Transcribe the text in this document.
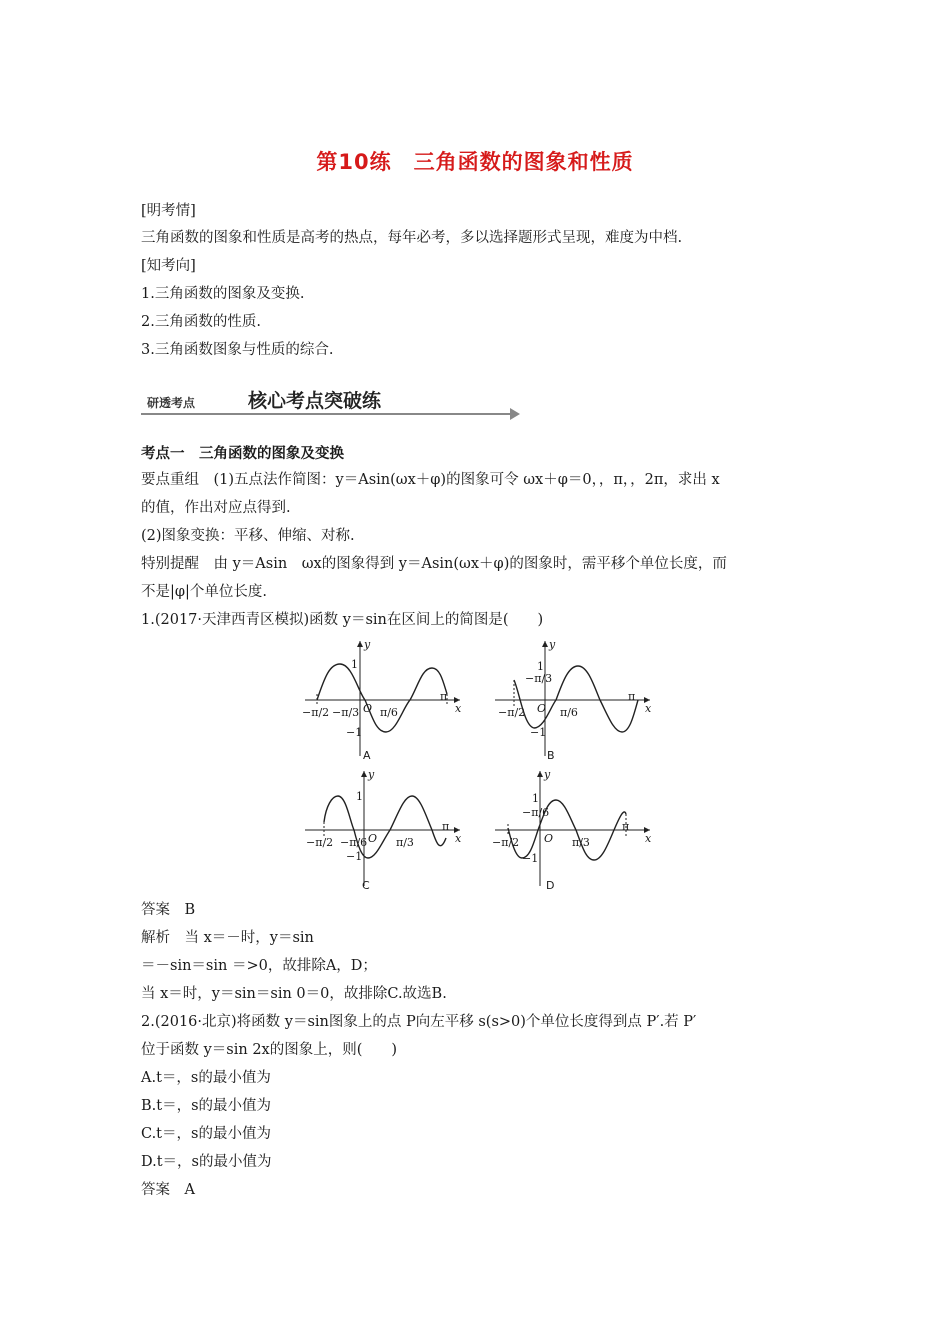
第10练　三角函数的图象和性质
[明考情]
三角函数的图象和性质是高考的热点，每年必考，多以选择题形式呈现，难度为中档.
[知考向]
1.三角函数的图象及变换.
2.三角函数的性质.
3.三角函数图象与性质的综合.
研透考点	核心考点突破练
考点一　三角函数的图象及变换
要点重组　(1)五点法作简图：y＝Asin(ωx＋φ)的图象可令 ωx＋φ＝0，，π，，2π，求出 x
的值，作出对应点得到.
(2)图象变换：平移、伸缩、对称.
特别提醒　由 y＝Asin　ωx的图象得到 y＝Asin(ωx＋φ)的图象时，需平移个单位长度，而
不是|φ|个单位长度.
1.(2017·天津西青区模拟)函数 y＝sin在区间上的简图是(　　)
y
x
O
1
−1
−π/2 −π/3 π/6
π
A
y
x
O
1
−π/3
−1
−π/2	π/6
π
B
y
x
O
1
−1
−π/2 −π/6	π/3
π
C
y
x
O
1
−π/6
−1
−π/2	π/3
π
D
答案　B
解析　当 x＝－时，y＝sin
＝－sin＝sin ＝>0，故排除A，D；
当 x＝时，y＝sin＝sin 0＝0，故排除C.故选B.
2.(2016·北京)将函数 y＝sin图象上的点 P向左平移 s(s>0)个单位长度得到点 P′.若 P′
位于函数 y＝sin 2x的图象上，则(　　)
A.t＝，s的最小值为
B.t＝，s的最小值为
C.t＝，s的最小值为
D.t＝，s的最小值为
答案　A
